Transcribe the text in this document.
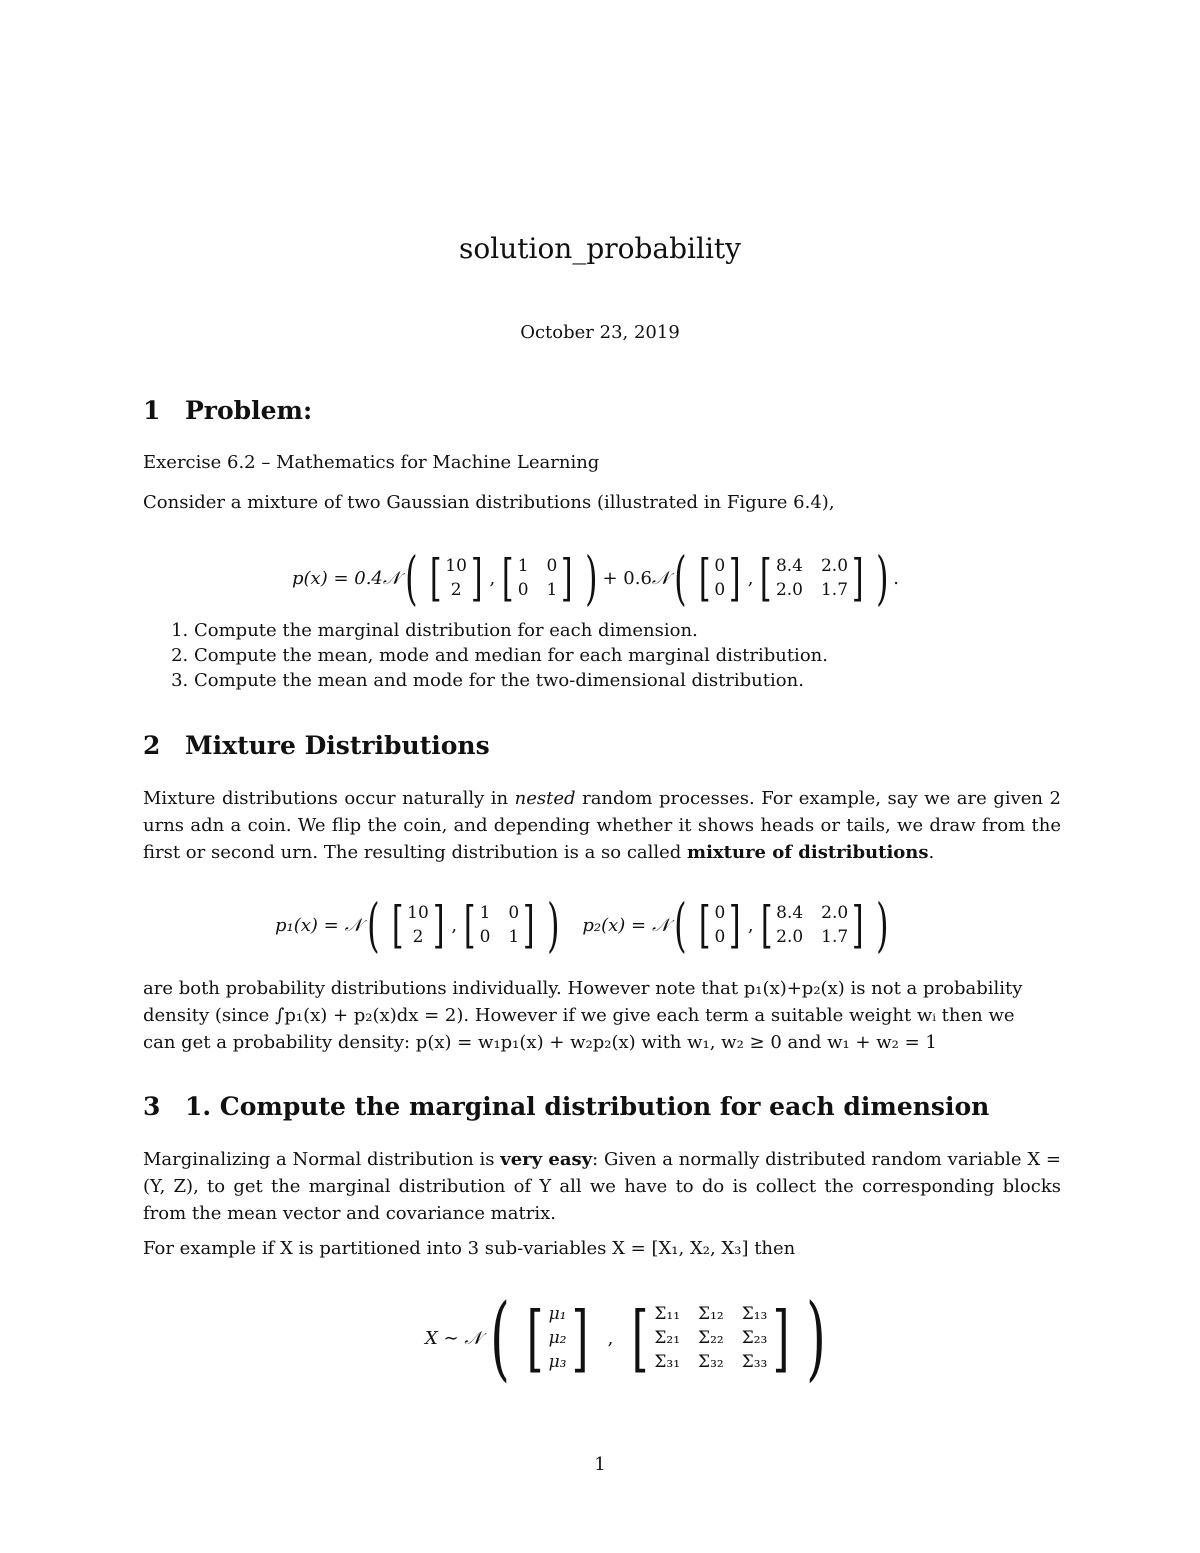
solution_probability
October 23, 2019
1 Problem:
Exercise 6.2 – Mathematics for Machine Learning
Consider a mixture of two Gaussian distributions (illustrated in Figure 6.4),
p(x) = 0.4 𝒩 ( [ 10
2 ] , [ 1 0
0 1 ] ) + 0.6 𝒩 ( [ 0
0 ] , [ 8.4 2.0
2.0 1.7 ] ) .
1. Compute the marginal distribution for each dimension.
2. Compute the mean, mode and median for each marginal distribution.
3. Compute the mean and mode for the two-dimensional distribution.
2 Mixture Distributions
Mixture distributions occur naturally in nested random processes. For example, say we are given 2 urns adn a coin. We flip the coin, and depending whether it shows heads or tails, we draw from the first or second urn. The resulting distribution is a so called mixture of distributions.
p₁(x) = 𝒩 ( [ 10
2 ] , [ 1 0
0 1 ] ) p₂(x) = 𝒩 ( [ 0
0 ] , [ 8.4 2.0
2.0 1.7 ] )
are both probability distributions individually. However note that p₁(x)+p₂(x) is not a probability
density (since ∫p₁(x) + p₂(x)dx = 2). However if we give each term a suitable weight wᵢ then we
can get a probability density: p(x) = w₁p₁(x) + w₂p₂(x) with w₁, w₂ ≥ 0 and w₁ + w₂ = 1
3 1. Compute the marginal distribution for each dimension
Marginalizing a Normal distribution is very easy: Given a normally distributed random variable X = (Y, Z), to get the marginal distribution of Y all we have to do is collect the corresponding blocks from the mean vector and covariance matrix.
For example if X is partitioned into 3 sub-variables X = [X₁, X₂, X₃] then
X ∼ 𝒩 ( [ μ₁
μ₂
μ₃ ] , [ Σ₁₁ Σ₁₂ Σ₁₃
Σ₂₁ Σ₂₂ Σ₂₃
Σ₃₁ Σ₃₂ Σ₃₃ ] )
1
